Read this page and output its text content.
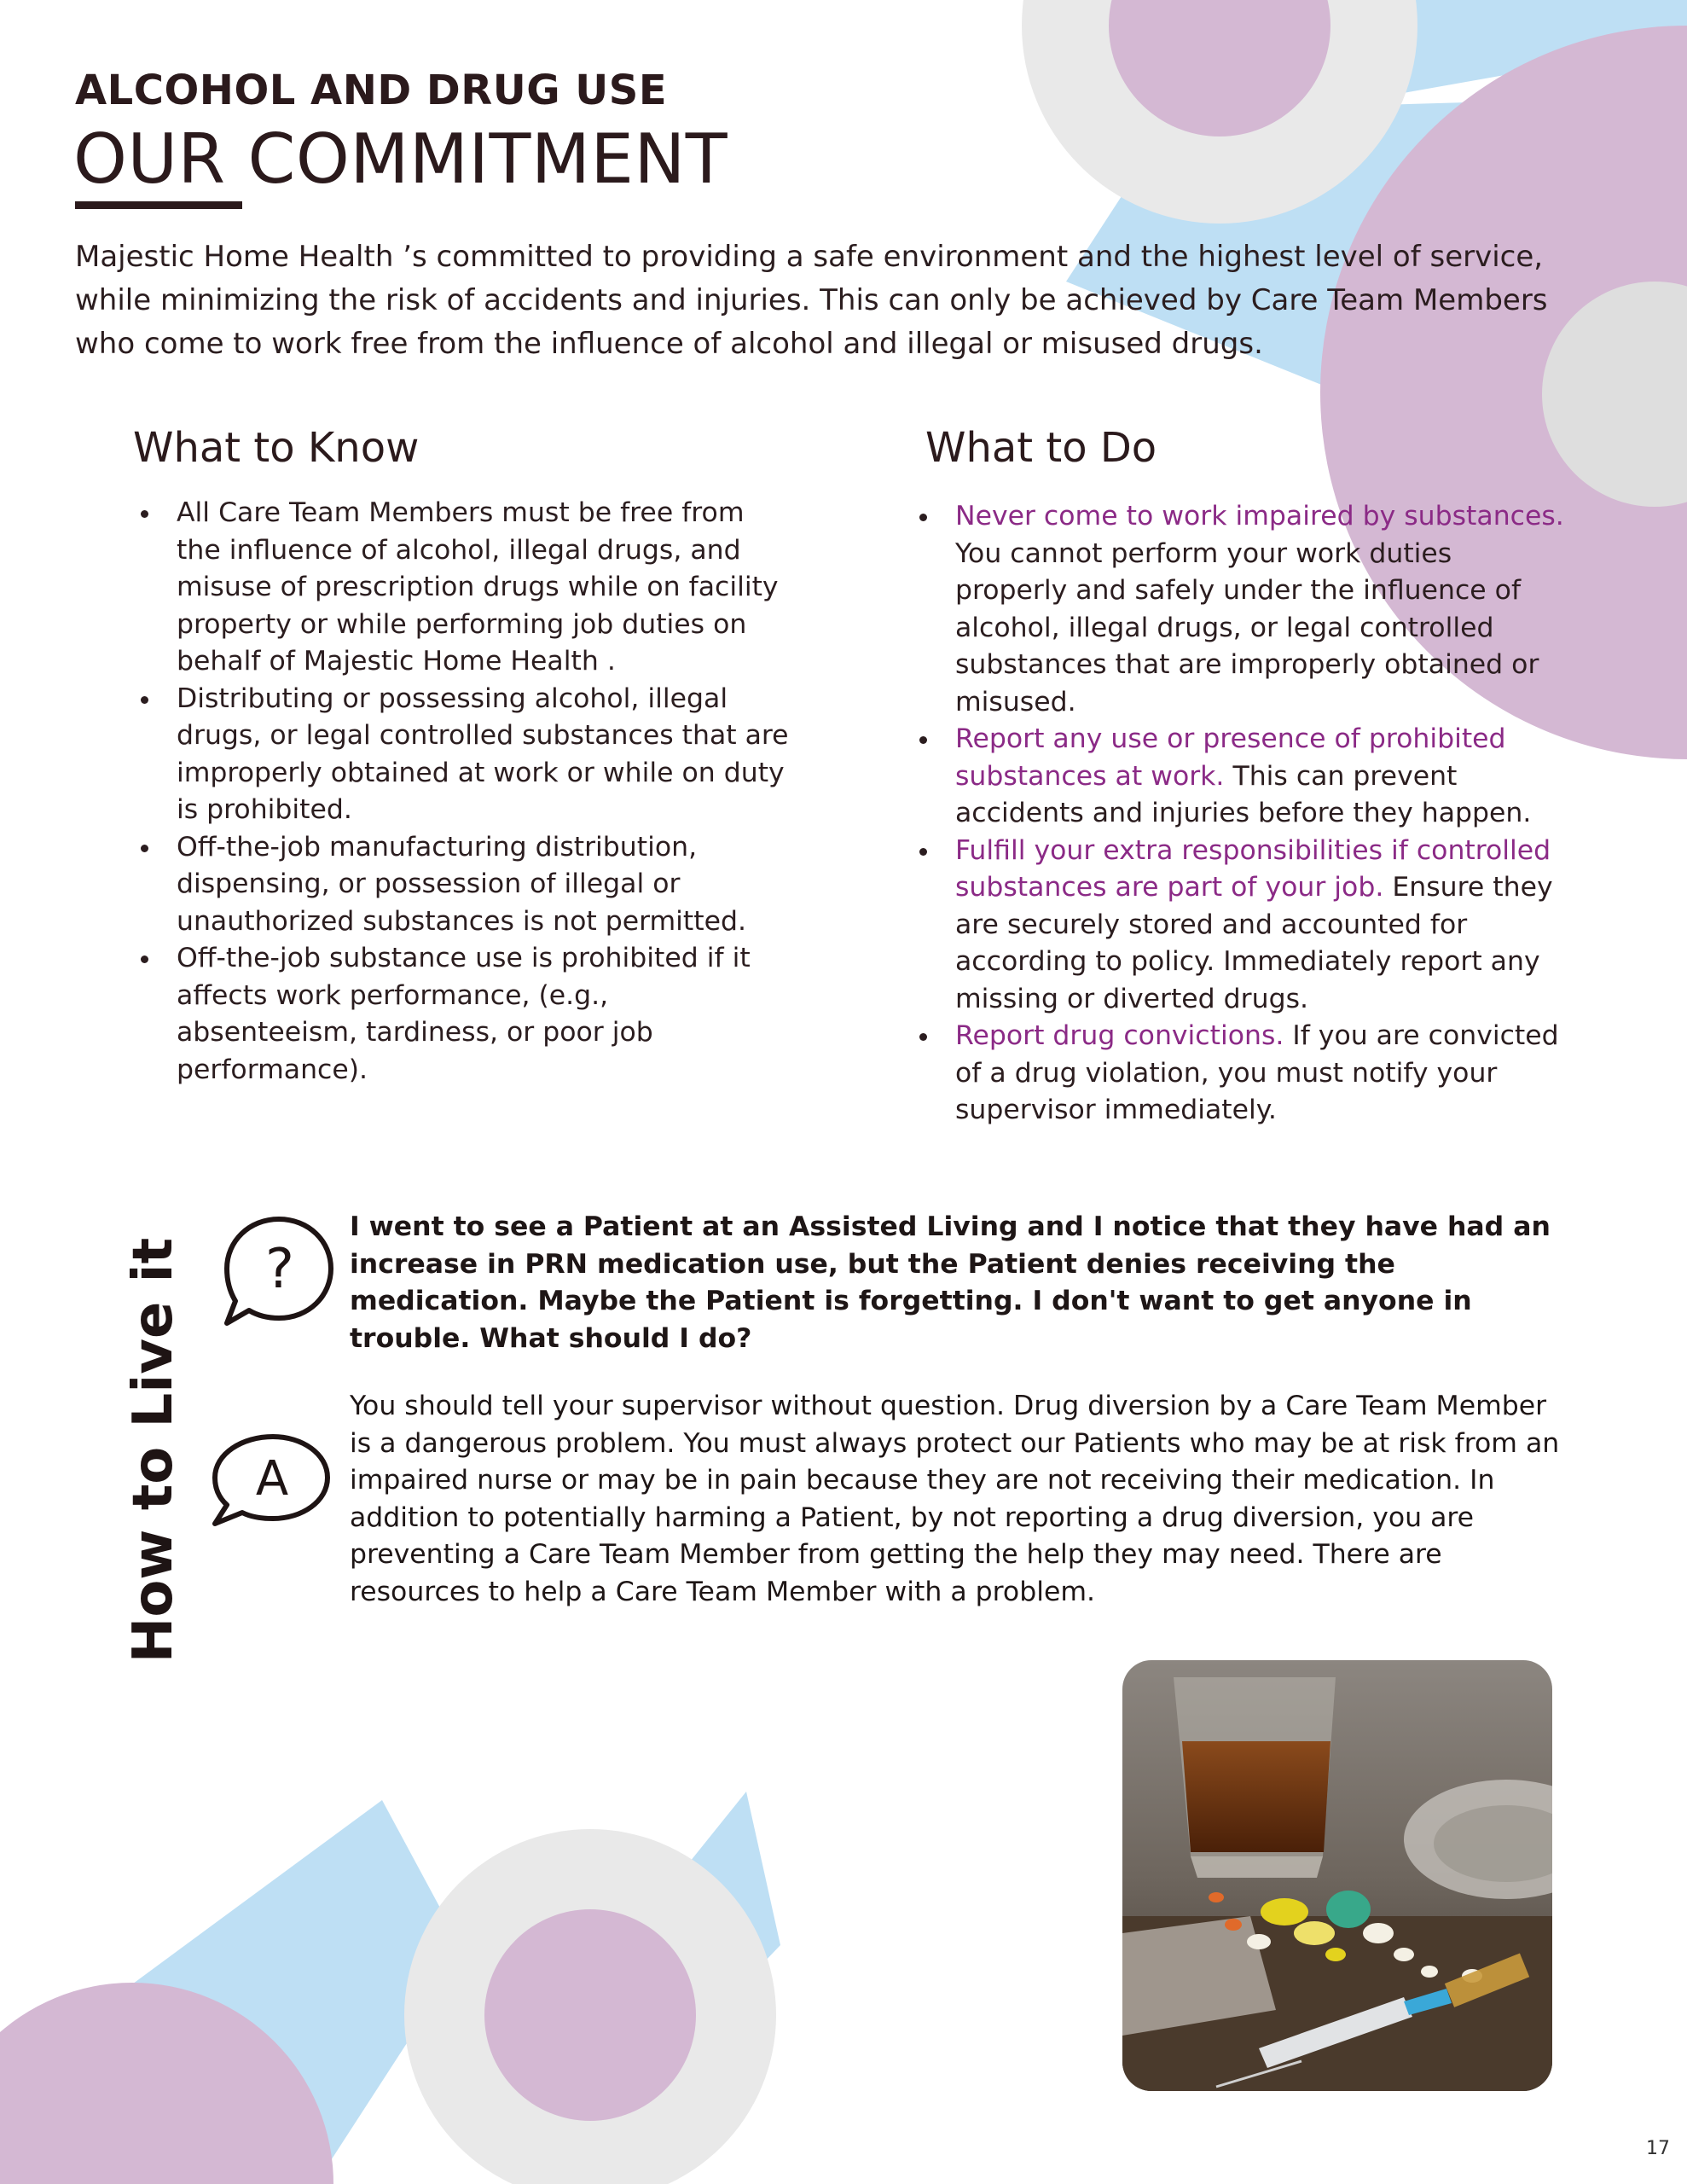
ALCOHOL AND DRUG USE
OUR COMMITMENT

Majestic Home Health ’s committed to providing a safe environment and the highest level of service, while minimizing the risk of accidents and injuries. This can only be achieved by Care Team Members who come to work free from the influence of alcohol and illegal or misused drugs.

What to Know
All Care Team Members must be free from the influence of alcohol, illegal drugs, and misuse of prescription drugs while on facility property or while performing job duties on behalf of Majestic Home Health .
Distributing or possessing alcohol, illegal drugs, or legal controlled substances that are improperly obtained at work or while on duty is prohibited.
Off-the-job manufacturing distribution, dispensing, or possession of illegal or unauthorized substances is not permitted.
Off-the-job substance use is prohibited if it affects work performance, (e.g., absenteeism, tardiness, or poor job performance).
What to Do
Never come to work impaired by substances. You cannot perform your work duties properly and safely under the influence of alcohol, illegal drugs, or legal controlled substances that are improperly obtained or misused.
Report any use or presence of prohibited substances at work. This can prevent accidents and injuries before they happen.
Fulfill your extra responsibilities if controlled substances are part of your job. Ensure they are securely stored and accounted for according to policy. Immediately report any missing or diverted drugs.
Report drug convictions. If you are convicted of a drug violation, you must notify your supervisor immediately.
How to Live it ?
A

I went to see a Patient at an Assisted Living and I notice that they have had an increase in PRN medication use, but the Patient denies receiving the medication. Maybe the Patient is forgetting. I don't want to get anyone in trouble. What should I do?

You should tell your supervisor without question. Drug diversion by a Care Team Member is a dangerous problem. You must always protect our Patients who may be at risk from an impaired nurse or may be in pain because they are not receiving their medication. In addition to potentially harming a Patient, by not reporting a drug diversion, you are preventing a Care Team Member from getting the help they may need. There are resources to help a Care Team Member with a problem.

17
